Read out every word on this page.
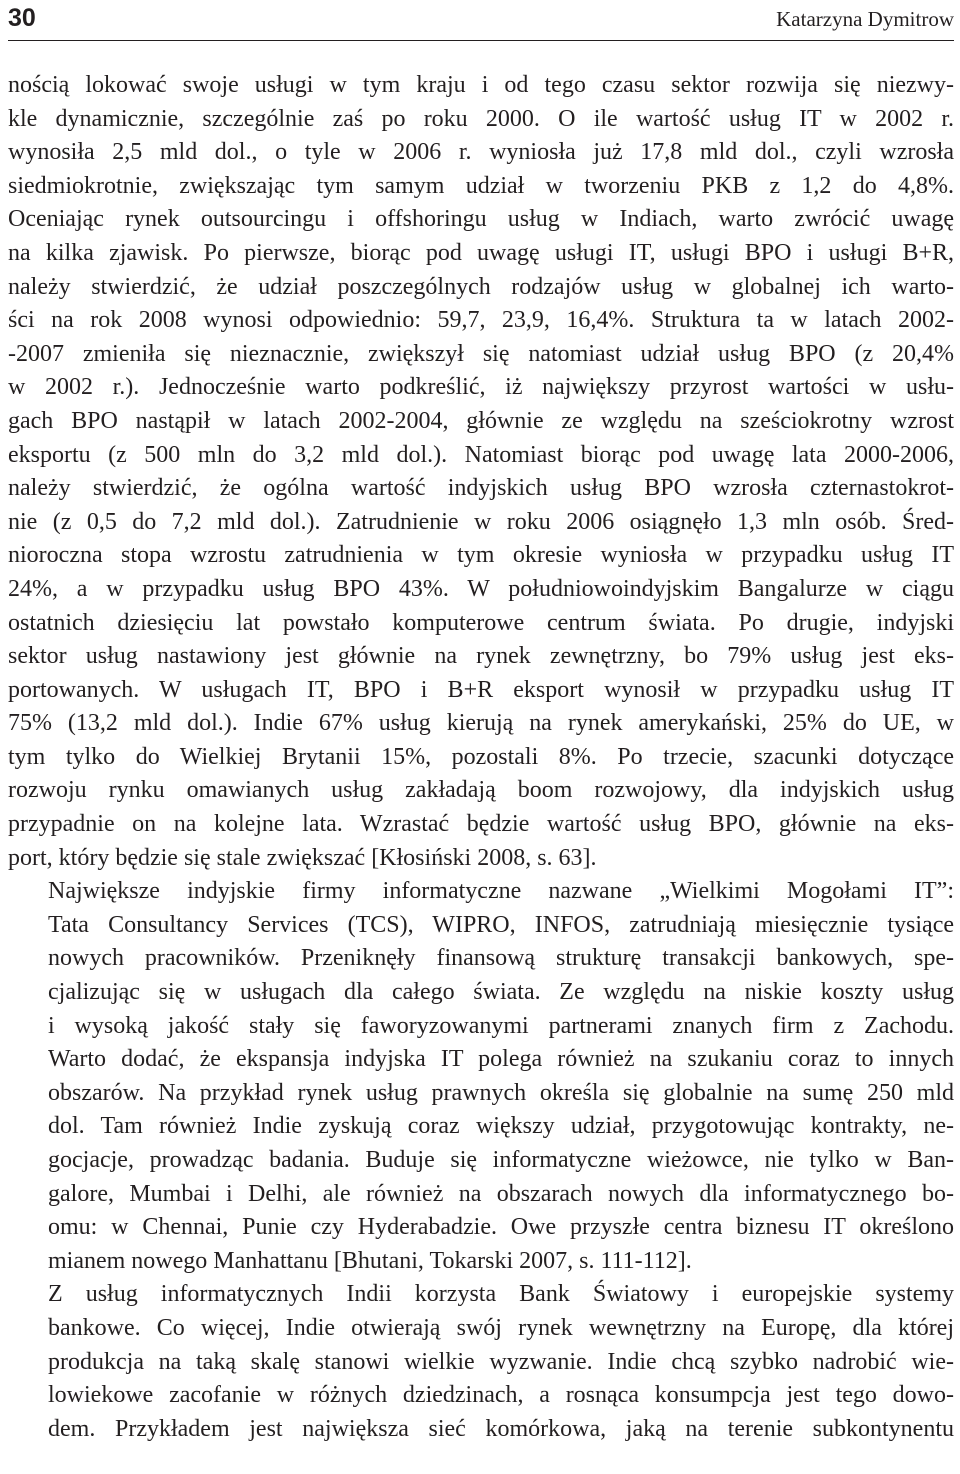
30	Katarzyna Dymitrow

nością lokować swoje usługi w tym kraju i od tego czasu sektor rozwija się niezwy-
kle dynamicznie, szczególnie zaś po roku 2000. O ile wartość usług IT w 2002 r.
wynosiła 2,5 mld dol., o tyle w 2006 r. wyniosła już 17,8 mld dol., czyli wzrosła
siedmiokrotnie, zwiększając tym samym udział w tworzeniu PKB z 1,2 do 4,8%.
Oceniając rynek outsourcingu i offshoringu usług w Indiach, warto zwrócić uwagę
na kilka zjawisk. Po pierwsze, biorąc pod uwagę usługi IT, usługi BPO i usługi B+R,
należy stwierdzić, że udział poszczególnych rodzajów usług w globalnej ich warto-
ści na rok 2008 wynosi odpowiednio: 59,7, 23,9, 16,4%. Struktura ta w latach 2002-
-2007 zmieniła się nieznacznie, zwiększył się natomiast udział usług BPO (z 20,4%
w 2002 r.). Jednocześnie warto podkreślić, iż największy przyrost wartości w usłu-
gach BPO nastąpił w latach 2002-2004, głównie ze względu na sześciokrotny wzrost
eksportu (z 500 mln do 3,2 mld dol.). Natomiast biorąc pod uwagę lata 2000-2006,
należy stwierdzić, że ogólna wartość indyjskich usług BPO wzrosła czternastokrot-
nie (z 0,5 do 7,2 mld dol.). Zatrudnienie w roku 2006 osiągnęło 1,3 mln osób. Śred-
nioroczna stopa wzrostu zatrudnienia w tym okresie wyniosła w przypadku usług IT
24%, a w przypadku usług BPO 43%. W południowoindyjskim Bangalurze w ciągu
ostatnich dziesięciu lat powstało komputerowe centrum świata. Po drugie, indyjski
sektor usług nastawiony jest głównie na rynek zewnętrzny, bo 79% usług jest eks-
portowanych. W usługach IT, BPO i B+R eksport wynosił w przypadku usług IT
75% (13,2 mld dol.). Indie 67% usług kierują na rynek amerykański, 25% do UE, w
tym tylko do Wielkiej Brytanii 15%, pozostali 8%. Po trzecie, szacunki dotyczące
rozwoju rynku omawianych usług zakładają boom rozwojowy, dla indyjskich usług
przypadnie on na kolejne lata. Wzrastać będzie wartość usług BPO, głównie na eks-
port, który będzie się stale zwiększać [Kłosiński 2008, s. 63].

Największe indyjskie firmy informatyczne nazwane „Wielkimi Mogołami IT”:
Tata Consultancy Services (TCS), WIPRO, INFOS, zatrudniają miesięcznie tysiące
nowych pracowników. Przeniknęły finansową strukturę transakcji bankowych, spe-
cjalizując się w usługach dla całego świata. Ze względu na niskie koszty usług
i wysoką jakość stały się faworyzowanymi partnerami znanych firm z Zachodu.
Warto dodać, że ekspansja indyjska IT polega również na szukaniu coraz to innych
obszarów. Na przykład rynek usług prawnych określa się globalnie na sumę 250 mld
dol. Tam również Indie zyskują coraz większy udział, przygotowując kontrakty, ne-
gocjacje, prowadząc badania. Buduje się informatyczne wieżowce, nie tylko w Ban-
galore, Mumbai i Delhi, ale również na obszarach nowych dla informatycznego bo-
omu: w Chennai, Punie czy Hyderabadzie. Owe przyszłe centra biznesu IT określono
mianem nowego Manhattanu [Bhutani, Tokarski 2007, s. 111-112].

Z usług informatycznych Indii korzysta Bank Światowy i europejskie systemy
bankowe. Co więcej, Indie otwierają swój rynek wewnętrzny na Europę, dla której
produkcja na taką skalę stanowi wielkie wyzwanie. Indie chcą szybko nadrobić wie-
lowiekowe zacofanie w różnych dziedzinach, a rosnąca konsumpcja jest tego dowo-
dem. Przykładem jest największa sieć komórkowa, jaką na terenie subkontynentu
